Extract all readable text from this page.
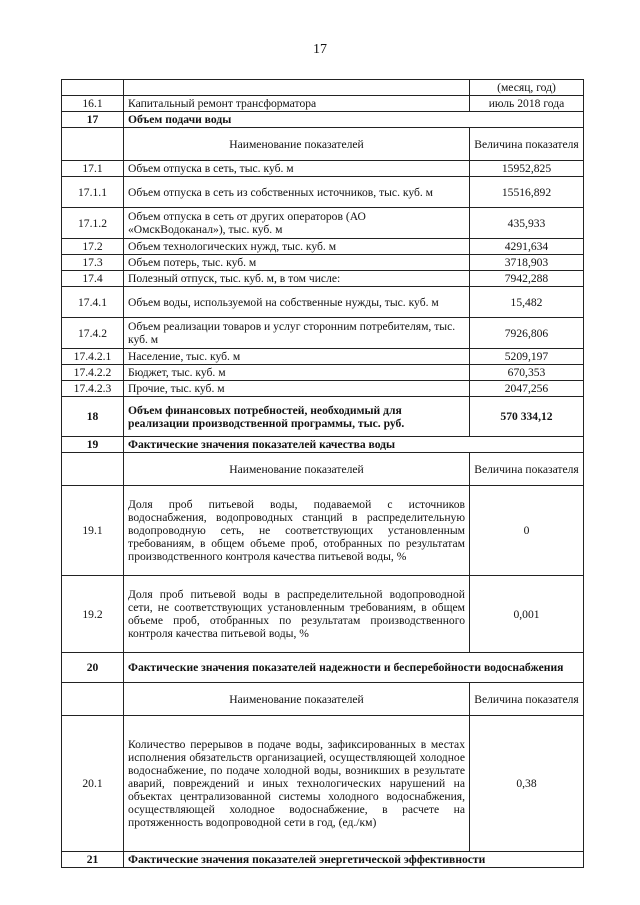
17
		(месяц, год)
16.1	Капитальный ремонт трансформатора	июль 2018 года
17	Объем подачи воды	
	Наименование показателей	Величина показателя
17.1	Объем отпуска в сеть, тыс. куб. м	15952,825
17.1.1	Объем отпуска в сеть из собственных источников, тыс. куб. м	15516,892
17.1.2	Объем отпуска в сеть от других операторов (АО «ОмскВодоканал»), тыс. куб. м	435,933
17.2	Объем технологических нужд, тыс. куб. м	4291,634
17.3	Объем потерь, тыс. куб. м	3718,903
17.4	Полезный отпуск, тыс. куб. м, в том числе:	7942,288
17.4.1	Объем воды, используемой на собственные нужды, тыс. куб. м	15,482
17.4.2	Объем реализации товаров и услуг сторонним потребителям, тыс. куб. м	7926,806
17.4.2.1	Население, тыс. куб. м	5209,197
17.4.2.2	Бюджет, тыс. куб. м	670,353
17.4.2.3	Прочие, тыс. куб. м	2047,256
18	Объем финансовых потребностей, необходимый для реализации производственной программы, тыс. руб.	570 334,12
19	Фактические значения показателей качества воды	
	Наименование показателей	Величина показателя
19.1	Доля проб питьевой воды, подаваемой с источников водоснабжения, водопроводных станций в распределительную водопроводную сеть, не соответствующих установленным требованиям, в общем объеме проб, отобранных по результатам производственного контроля качества питьевой воды, %	0
19.2	Доля проб питьевой воды в распределительной водопроводной сети, не соответствующих установленным требованиям, в общем объеме проб, отобранных по результатам производственного контроля качества питьевой воды, %	0,001
20	Фактические значения показателей надежности и бесперебойности водоснабжения	
	Наименование показателей	Величина показателя
20.1	Количество перерывов в подаче воды, зафиксированных в местах исполнения обязательств организацией, осуществляющей холодное водоснабжение, по подаче холодной воды, возникших в результате аварий, повреждений и иных технологических нарушений на объектах централизованной системы холодного водоснабжения, осуществляющей холодное водоснабжение, в расчете на протяженность водопроводной сети в год, (ед./км)	0,38
21	Фактические значения показателей энергетической эффективности	
